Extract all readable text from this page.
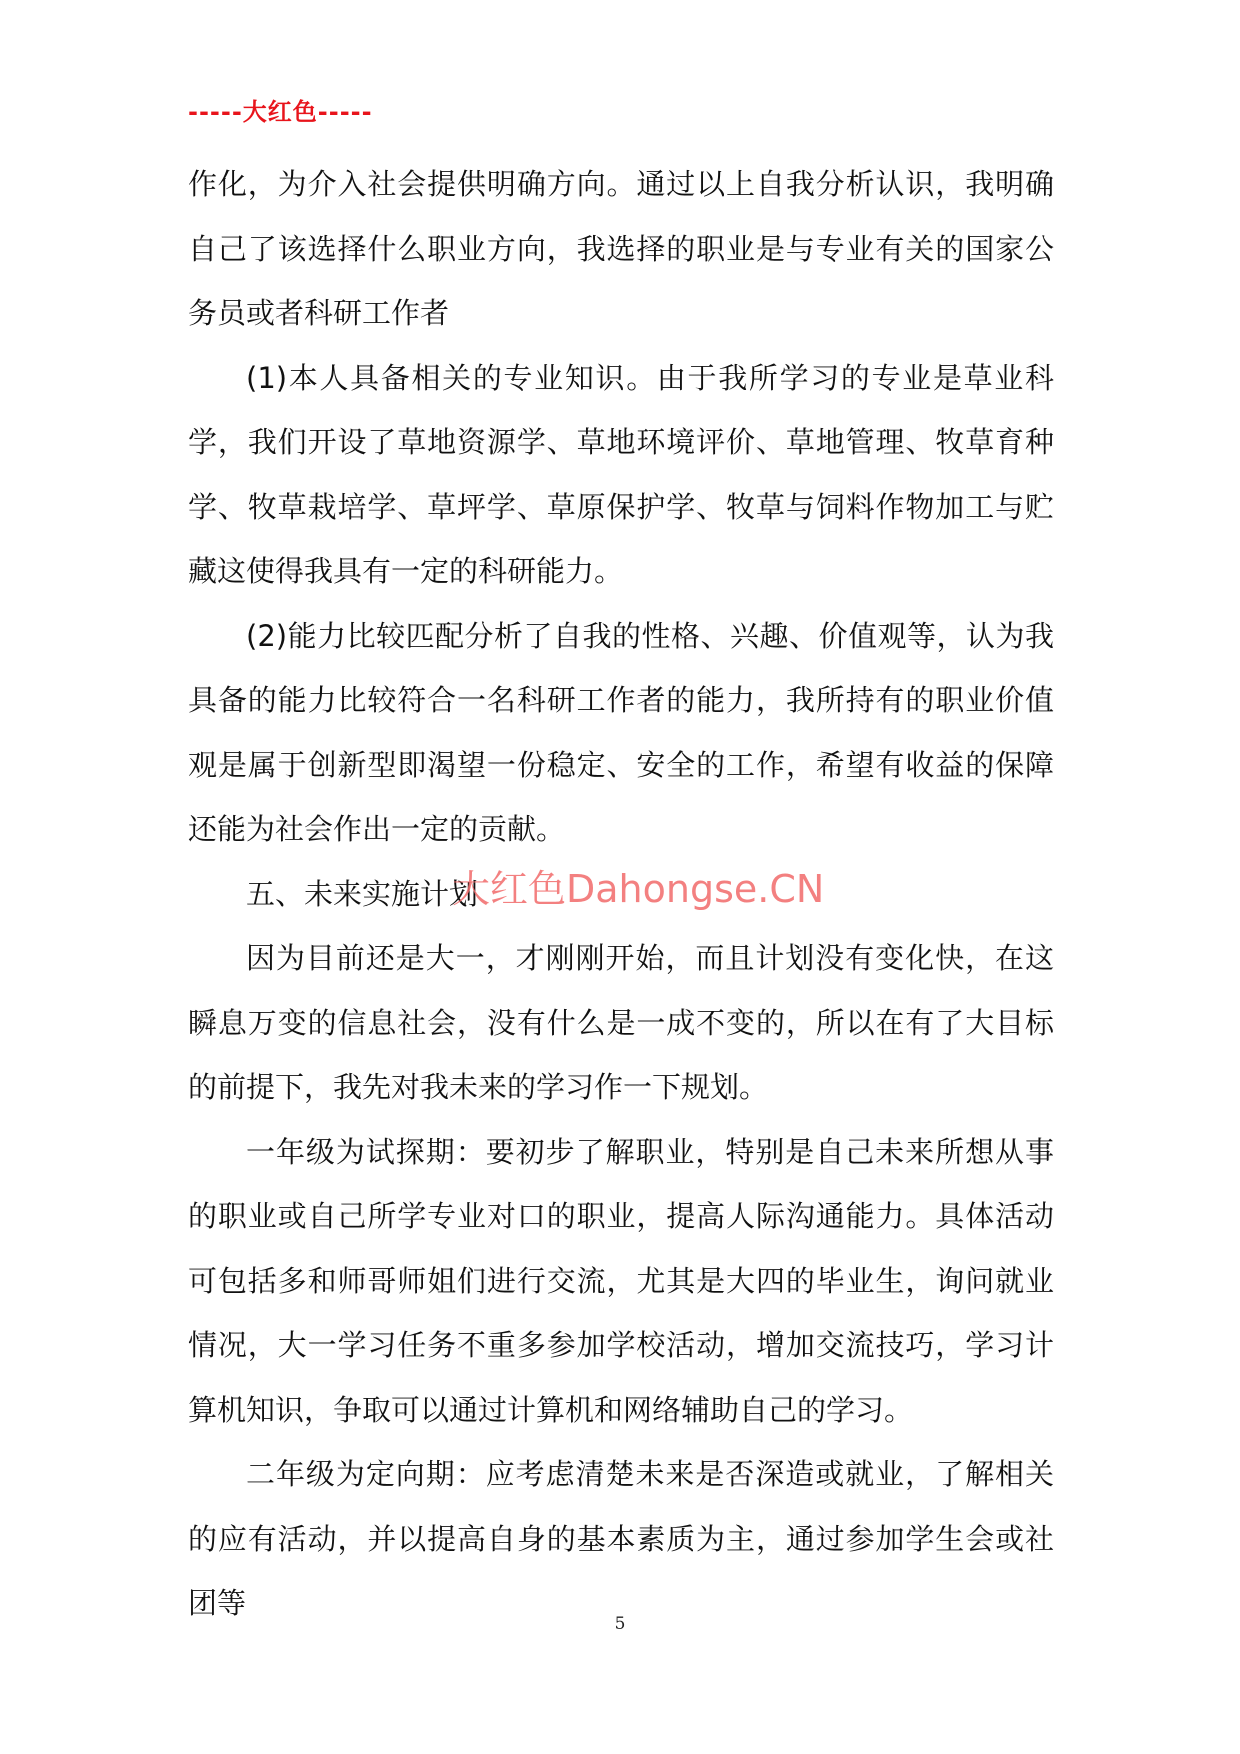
-----大红色-----

作化，为介入社会提供明确方向。通过以上自我分析认识，我明确自己了该选择什么职业方向，我选择的职业是与专业有关的国家公务员或者科研工作者

(1)本人具备相关的专业知识。由于我所学习的专业是草业科学，我们开设了草地资源学、草地环境评价、草地管理、牧草育种学、牧草栽培学、草坪学、草原保护学、牧草与饲料作物加工与贮藏这使得我具有一定的科研能力。

(2)能力比较匹配分析了自我的性格、兴趣、价值观等，认为我具备的能力比较符合一名科研工作者的能力，我所持有的职业价值观是属于创新型即渴望一份稳定、安全的工作，希望有收益的保障还能为社会作出一定的贡献。

五、未来实施计划

因为目前还是大一，才刚刚开始，而且计划没有变化快，在这瞬息万变的信息社会，没有什么是一成不变的，所以在有了大目标的前提下，我先对我未来的学习作一下规划。

一年级为试探期：要初步了解职业，特别是自己未来所想从事的职业或自己所学专业对口的职业，提高人际沟通能力。具体活动可包括多和师哥师姐们进行交流，尤其是大四的毕业生，询问就业情况，大一学习任务不重多参加学校活动，增加交流技巧，学习计算机知识，争取可以通过计算机和网络辅助自己的学习。

二年级为定向期：应考虑清楚未来是否深造或就业，了解相关的应有活动，并以提高自身的基本素质为主，通过参加学生会或社团等

大红色Dahongse.CN
5
